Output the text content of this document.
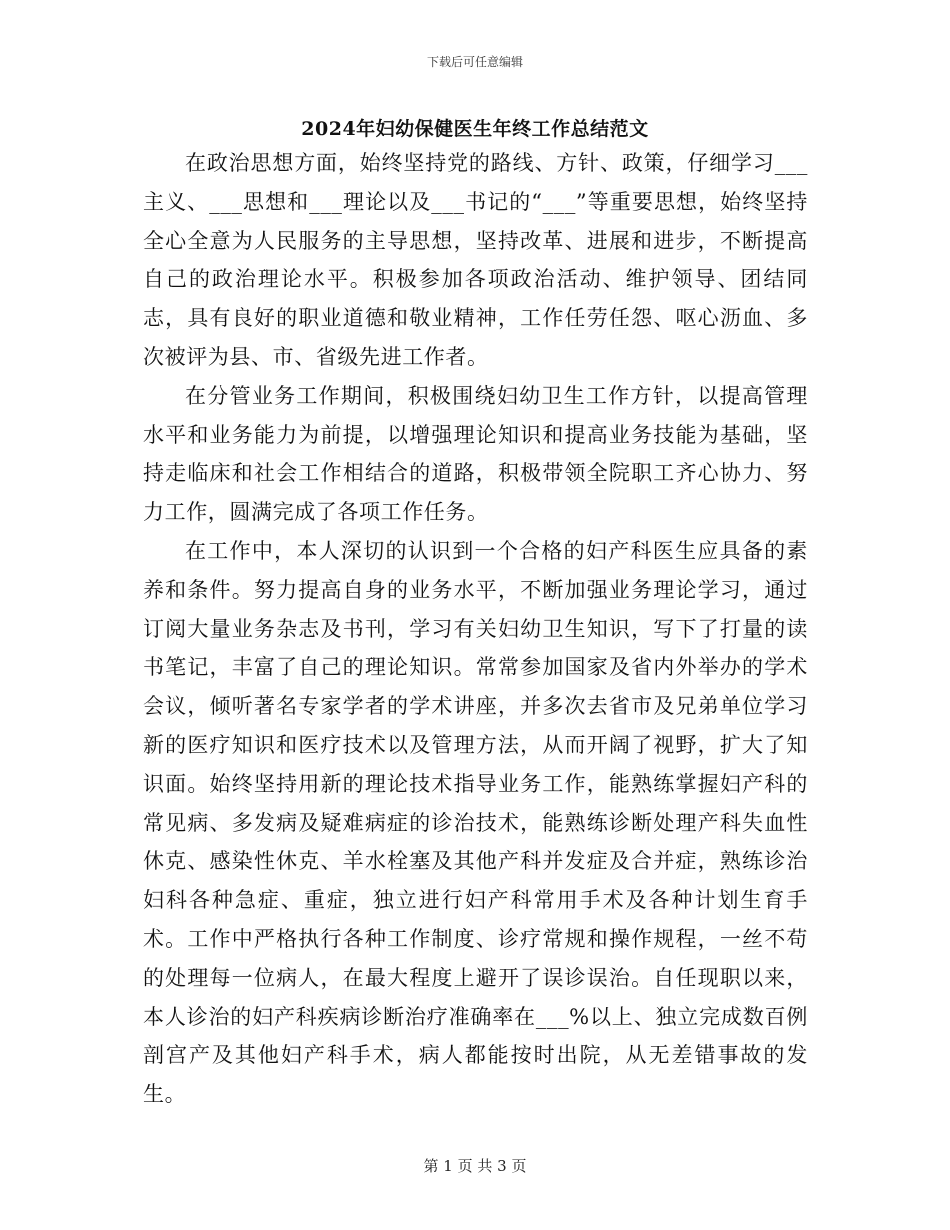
下载后可任意编辑
2024年妇幼保健医生年终工作总结范文

在政治思想方面，始终坚持党的路线、方针、政策，仔细学习___主义、___思想和___理论以及___书记的“___”等重要思想，始终坚持全心全意为人民服务的主导思想，坚持改革、进展和进步，不断提高自己的政治理论水平。积极参加各项政治活动、维护领导、团结同志，具有良好的职业道德和敬业精神，工作任劳任怨、呕心沥血、多次被评为县、市、省级先进工作者。

在分管业务工作期间，积极围绕妇幼卫生工作方针，以提高管理水平和业务能力为前提，以增强理论知识和提高业务技能为基础，坚持走临床和社会工作相结合的道路，积极带领全院职工齐心协力、努力工作，圆满完成了各项工作任务。

在工作中，本人深切的认识到一个合格的妇产科医生应具备的素养和条件。努力提高自身的业务水平，不断加强业务理论学习，通过订阅大量业务杂志及书刊，学习有关妇幼卫生知识，写下了打量的读书笔记，丰富了自己的理论知识。常常参加国家及省内外举办的学术会议，倾听著名专家学者的学术讲座，并多次去省市及兄弟单位学习新的医疗知识和医疗技术以及管理方法，从而开阔了视野，扩大了知识面。始终坚持用新的理论技术指导业务工作，能熟练掌握妇产科的常见病、多发病及疑难病症的诊治技术，能熟练诊断处理产科失血性休克、感染性休克、羊水栓塞及其他产科并发症及合并症，熟练诊治妇科各种急症、重症，独立进行妇产科常用手术及各种计划生育手术。工作中严格执行各种工作制度、诊疗常规和操作规程，一丝不苟的处理每一位病人，在最大程度上避开了误诊误治。自任现职以来，本人诊治的妇产科疾病诊断治疗准确率在___%以上、独立完成数百例剖宫产及其他妇产科手术，病人都能按时出院，从无差错事故的发生。

第 1 页 共 3 页
